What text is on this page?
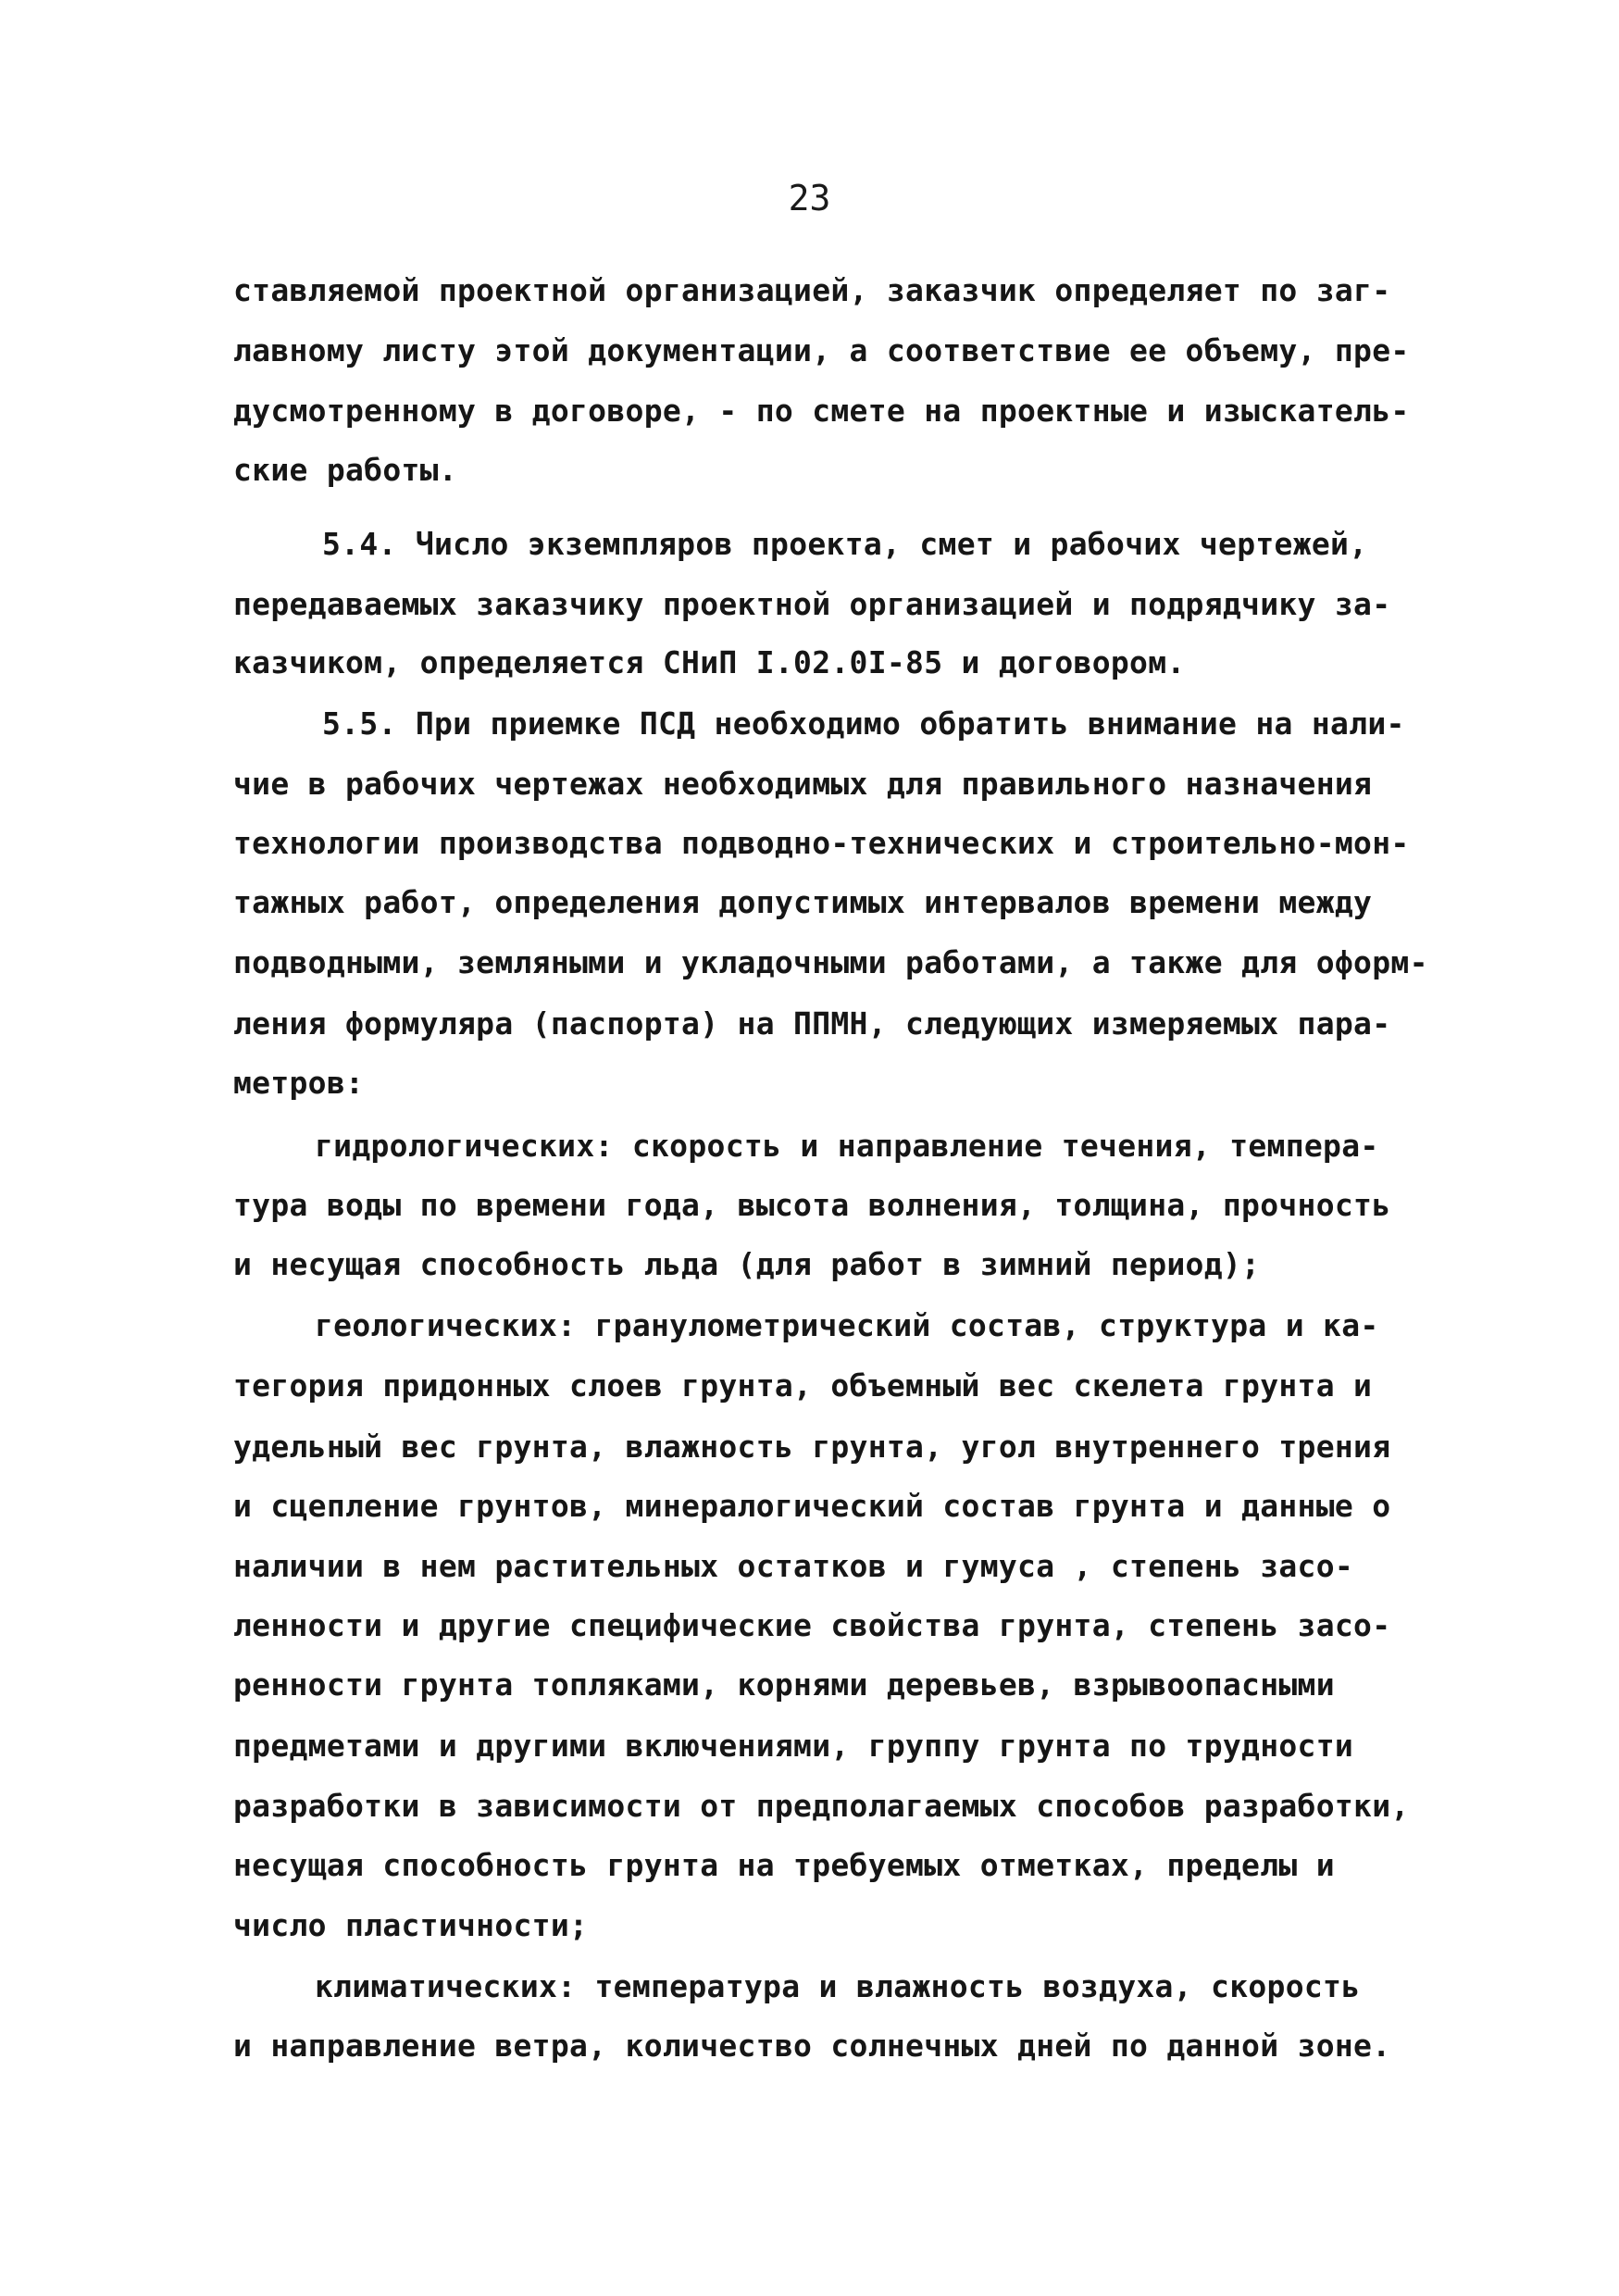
23

ставляемой проектной организацией, заказчик определяет по заг-

лавному листу этой документации, а соответствие ее объему, пре-

дусмотренному в договоре, - по смете на проектные и изыскатель-

ские работы.

5.4. Число экземпляров проекта, смет и рабочих чертежей,

передаваемых заказчику проектной организацией и подрядчику за-

казчиком, определяется СНиП I.02.0I-85 и договором.

5.5. При приемке ПСД необходимо обратить внимание на нали-

чие в рабочих чертежах необходимых для правильного назначения

технологии производства подводно-технических и строительно-мон-

тажных работ, определения допустимых интервалов времени между

подводными, земляными и укладочными работами, а также для оформ-

ления формуляра (паспорта) на ППМН, следующих измеряемых пара-

метров:

гидрологических: скорость и направление течения, темпера-

тура воды по времени года, высота волнения, толщина, прочность

и несущая способность льда (для работ в зимний период);

геологических: гранулометрический состав, структура и ка-

тегория придонных слоев грунта, объемный вес скелета грунта и

удельный вес грунта, влажность грунта, угол внутреннего трения

и сцепление грунтов, минералогический состав грунта и данные о

наличии в нем растительных остатков и гумуса , степень засо-

ленности и другие специфические свойства грунта, степень засо-

ренности грунта топляками, корнями деревьев, взрывоопасными

предметами и другими включениями, группу грунта по трудности

разработки в зависимости от предполагаемых способов разработки,

несущая способность грунта на требуемых отметках, пределы и

число пластичности;

климатических: температура и влажность воздуха, скорость

и направление ветра, количество солнечных дней по данной зоне.
